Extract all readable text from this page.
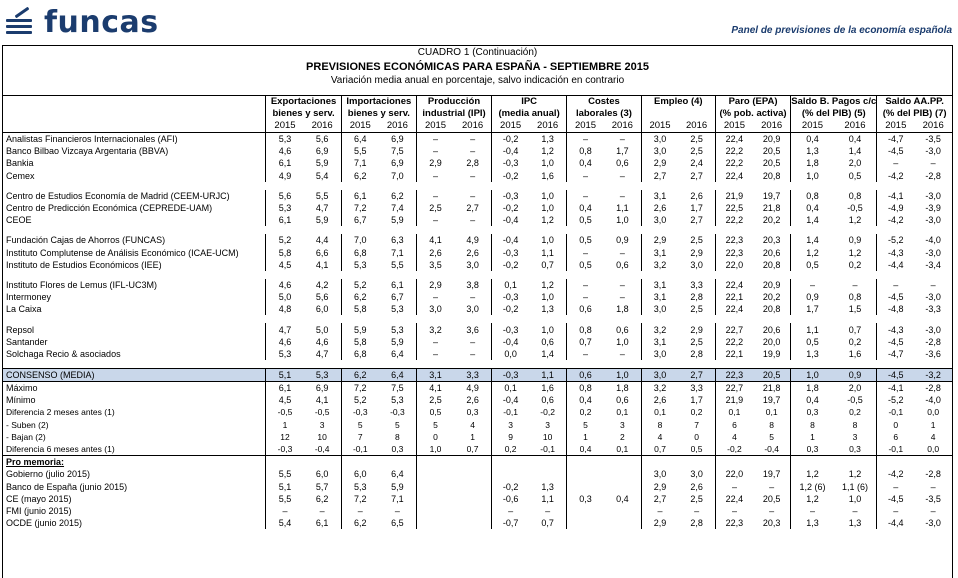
funcas	Panel de previsiones de la economía española
CUADRO 1 (Continuación)
PREVISIONES ECONÓMICAS PARA ESPAÑA - SEPTIEMBRE 2015
Variación media anual en porcentaje, salvo indicación en contrario
	Exportaciones		Importaciones		Producción		IPC		Costes		Empleo (4)		Paro (EPA)		Saldo B. Pagos c/c		Saldo AA.PP.	
	bienes y serv.		bienes y serv.		industrial (IPI)		(media anual)		laborales (3)				(% pob. activa)		(% del PIB) (5)		(% del PIB) (7)	
	2015	2016	2015	2016	2015	2016	2015	2016	2015	2016	2015	2016	2015	2016	2015	2016	2015	2016
Analistas Financieros Internacionales (AFI)	5,3	5,6	6,4	6,9	–	–	-0,2	1,3	–	–	3,0	2,5	22,4	20,9	0,4	0,4	-4,7	-3,5
Banco Bilbao Vizcaya Argentaria (BBVA)	4,6	6,9	5,5	7,5	–	–	-0,4	1,2	0,8	1,7	3,0	2,5	22,2	20,5	1,3	1,4	-4,5	-3,0
Bankia	6,1	5,9	7,1	6,9	2,9	2,8	-0,3	1,0	0,4	0,6	2,9	2,4	22,2	20,5	1,8	2,0	–	–
Cemex	4,9	5,4	6,2	7,0	–	–	-0,2	1,6	–	–	2,7	2,7	22,4	20,8	1,0	0,5	-4,2	-2,8

Centro de Estudios Economía de Madrid (CEEM-URJC)	5,6	5,5	6,1	6,2	–	–	-0,3	1,0	–	–	3,1	2,6	21,9	19,7	0,8	0,8	-4,1	-3,0
Centro de Predicción Económica (CEPREDE-UAM)	5,3	4,7	7,2	7,4	2,5	2,7	-0,2	1,0	0,4	1,1	2,6	1,7	22,5	21,8	0,4	-0,5	-4,9	-3,9
CEOE	6,1	5,9	6,7	5,9	–	–	-0,4	1,2	0,5	1,0	3,0	2,7	22,2	20,2	1,4	1,2	-4,2	-3,0

Fundación Cajas de Ahorros (FUNCAS)	5,2	4,4	7,0	6,3	4,1	4,9	-0,4	1,0	0,5	0,9	2,9	2,5	22,3	20,3	1,4	0,9	-5,2	-4,0
Instituto Complutense de Análisis Económico (ICAE-UCM)	5,8	6,6	6,8	7,1	2,6	2,6	-0,3	1,1	–	–	3,1	2,9	22,3	20,6	1,2	1,2	-4,3	-3,0
Instituto de Estudios Económicos (IEE)	4,5	4,1	5,3	5,5	3,5	3,0	-0,2	0,7	0,5	0,6	3,2	3,0	22,0	20,8	0,5	0,2	-4,4	-3,4

Instituto Flores de Lemus (IFL-UC3M)	4,6	4,2	5,2	6,1	2,9	3,8	0,1	1,2	–	–	3,1	3,3	22,4	20,9	–	–	–	–
Intermoney	5,0	5,6	6,2	6,7	–	–	-0,3	1,0	–	–	3,1	2,8	22,1	20,2	0,9	0,8	-4,5	-3,0
La Caixa	4,8	6,0	5,8	5,3	3,0	3,0	-0,2	1,3	0,6	1,8	3,0	2,5	22,4	20,8	1,7	1,5	-4,8	-3,3

Repsol	4,7	5,0	5,9	5,3	3,2	3,6	-0,3	1,0	0,8	0,6	3,2	2,9	22,7	20,6	1,1	0,7	-4,3	-3,0
Santander	4,6	4,6	5,8	5,9	–	–	-0,4	0,6	0,7	1,0	3,1	2,5	22,2	20,0	0,5	0,2	-4,5	-2,8
Solchaga Recio & asociados	5,3	4,7	6,8	6,4	–	–	0,0	1,4	–	–	3,0	2,8	22,1	19,9	1,3	1,6	-4,7	-3,6

CONSENSO (MEDIA)	5,1	5,3	6,2	6,4	3,1	3,3	-0,3	1,1	0,6	1,0	3,0	2,7	22,3	20,5	1,0	0,9	-4,5	-3,2
Máximo	6,1	6,9	7,2	7,5	4,1	4,9	0,1	1,6	0,8	1,8	3,2	3,3	22,7	21,8	1,8	2,0	-4,1	-2,8
Mínimo	4,5	4,1	5,2	5,3	2,5	2,6	-0,4	0,6	0,4	0,6	2,6	1,7	21,9	19,7	0,4	-0,5	-5,2	-4,0
Diferencia 2 meses antes (1)	-0,5	-0,5	-0,3	-0,3	0,5	0,3	-0,1	-0,2	0,2	0,1	0,1	0,2	0,1	0,1	0,3	0,2	-0,1	0,0
- Suben (2)	1	3	5	5	5	4	3	3	5	3	8	7	6	8	8	8	0	1
- Bajan (2)	12	10	7	8	0	1	9	10	1	2	4	0	4	5	1	3	6	4
Diferencia 6 meses antes (1)	-0,3	-0,4	-0,1	0,3	1,0	0,7	0,2	-0,1	0,4	0,1	0,7	0,5	-0,2	-0,4	0,3	0,3	-0,1	0,0
Pro memoria:																		
Gobierno (julio 2015)	5,5	6,0	6,0	6,4							3,0	3,0	22,0	19,7	1,2	1,2	-4,2	-2,8
Banco de España (junio 2015)	5,1	5,7	5,3	5,9			-0,2	1,3			2,9	2,6	–	–	1,2 (6)	1,1 (6)	–	–
CE (mayo 2015)	5,5	6,2	7,2	7,1			-0,6	1,1	0,3	0,4	2,7	2,5	22,4	20,5	1,2	1,0	-4,5	-3,5
FMI (junio 2015)	–	–	–	–			–	–			–	–	–	–	–	–	–	–
OCDE (junio 2015)	5,4	6,1	6,2	6,5			-0,7	0,7			2,9	2,8	22,3	20,3	1,3	1,3	-4,4	-3,0
